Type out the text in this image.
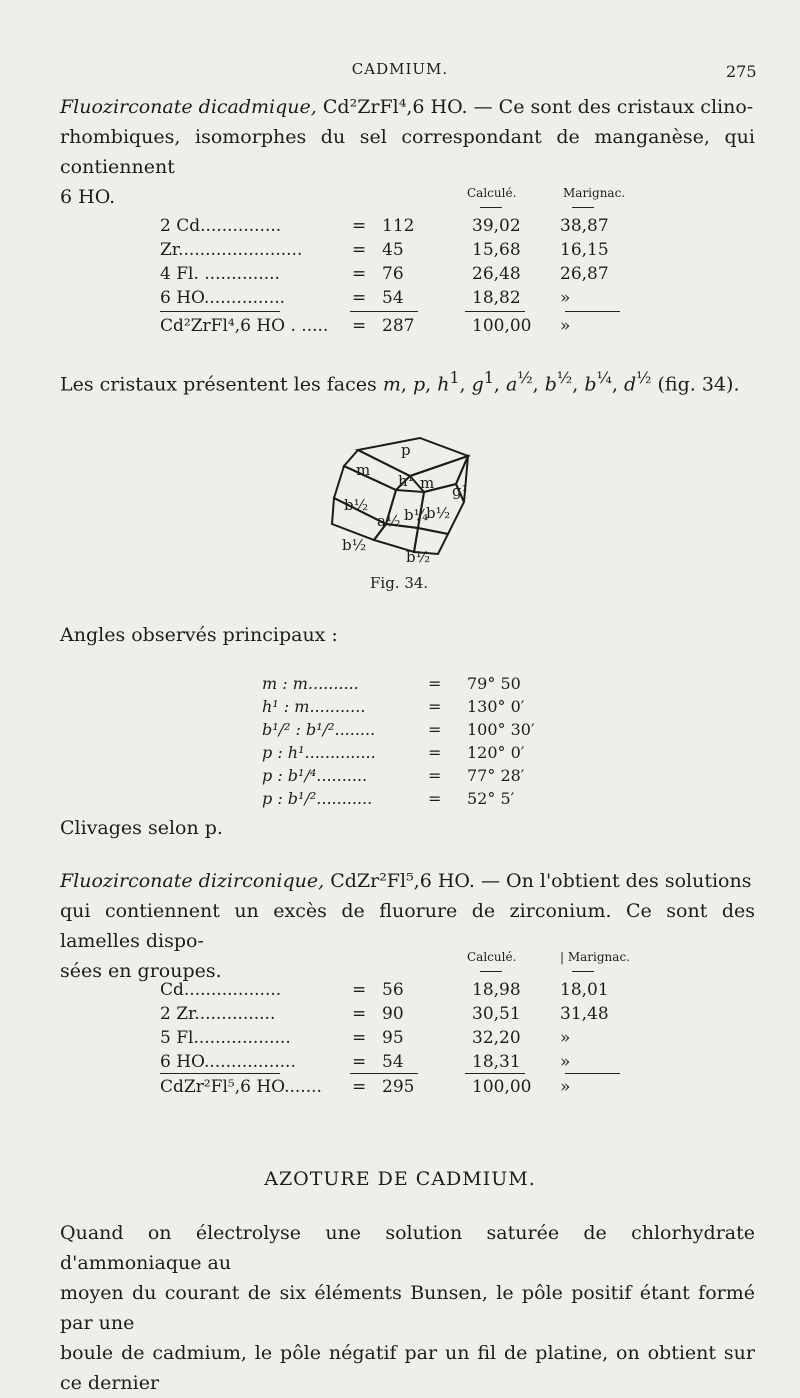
CADMIUM.	275
Fluozirconate dicadmique, Cd²ZrFl⁴,6 HO. — Ce sont des cristaux clino-
rhombiques, isomorphes du sel correspondant de manganèse, qui contiennent
6 HO.	Calculé.	Marignac.
2 Cd...............	= 112	39,02 38,87
Zr.......................	= 45	15,68 16,15
4 Fl. ..............	= 76	26,48 26,87
6 HO...............	= 54	18,82 »
Cd²ZrFl⁴,6 HO . ..... = 287	100,00 »
Les cristaux présentent les faces m, p, $h^1$, $g^1$, $a^{\frac{1}{2}}$, $b^{\frac{1}{2}}$, $b^{\frac{1}{4}}$, $d^{\frac{1}{2}}$ (fig. 34).
p
m
h¹ m g¹
b½
a½ b¼
b½
b½
b½
Fig. 34.
Angles observés principaux :
m : m..........	= 79° 50
h¹ : m...........	= 130° 0′
b¹/² : b¹/²........	= 100° 30′
p : h¹..............	= 120° 0′
p : b¹/⁴..........	= 77° 28′
p : b¹/²...........	= 52° 5′
Clivages selon p.
Fluozirconate dizirconique, CdZr²Fl⁵,6 HO. — On l'obtient des solutions
qui contiennent un excès de fluorure de zirconium. Ce sont des lamelles dispo-
sées en groupes.
Calculé.	| Marignac.
Cd..................	= 56	18,98 18,01
2 Zr...............	= 90	30,51 31,48
5 Fl..................	= 95	32,20 »
6 HO.................	= 54	18,31 »
CdZr²Fl⁵,6 HO....... = 295	100,00 »
AZOTURE DE CADMIUM.
Quand on électrolyse une solution saturée de chlorhydrate d'ammoniaque au
moyen du courant de six éléments Bunsen, le pôle positif étant formé par une
boule de cadmium, le pôle négatif par un fil de platine, on obtient sur ce dernier
